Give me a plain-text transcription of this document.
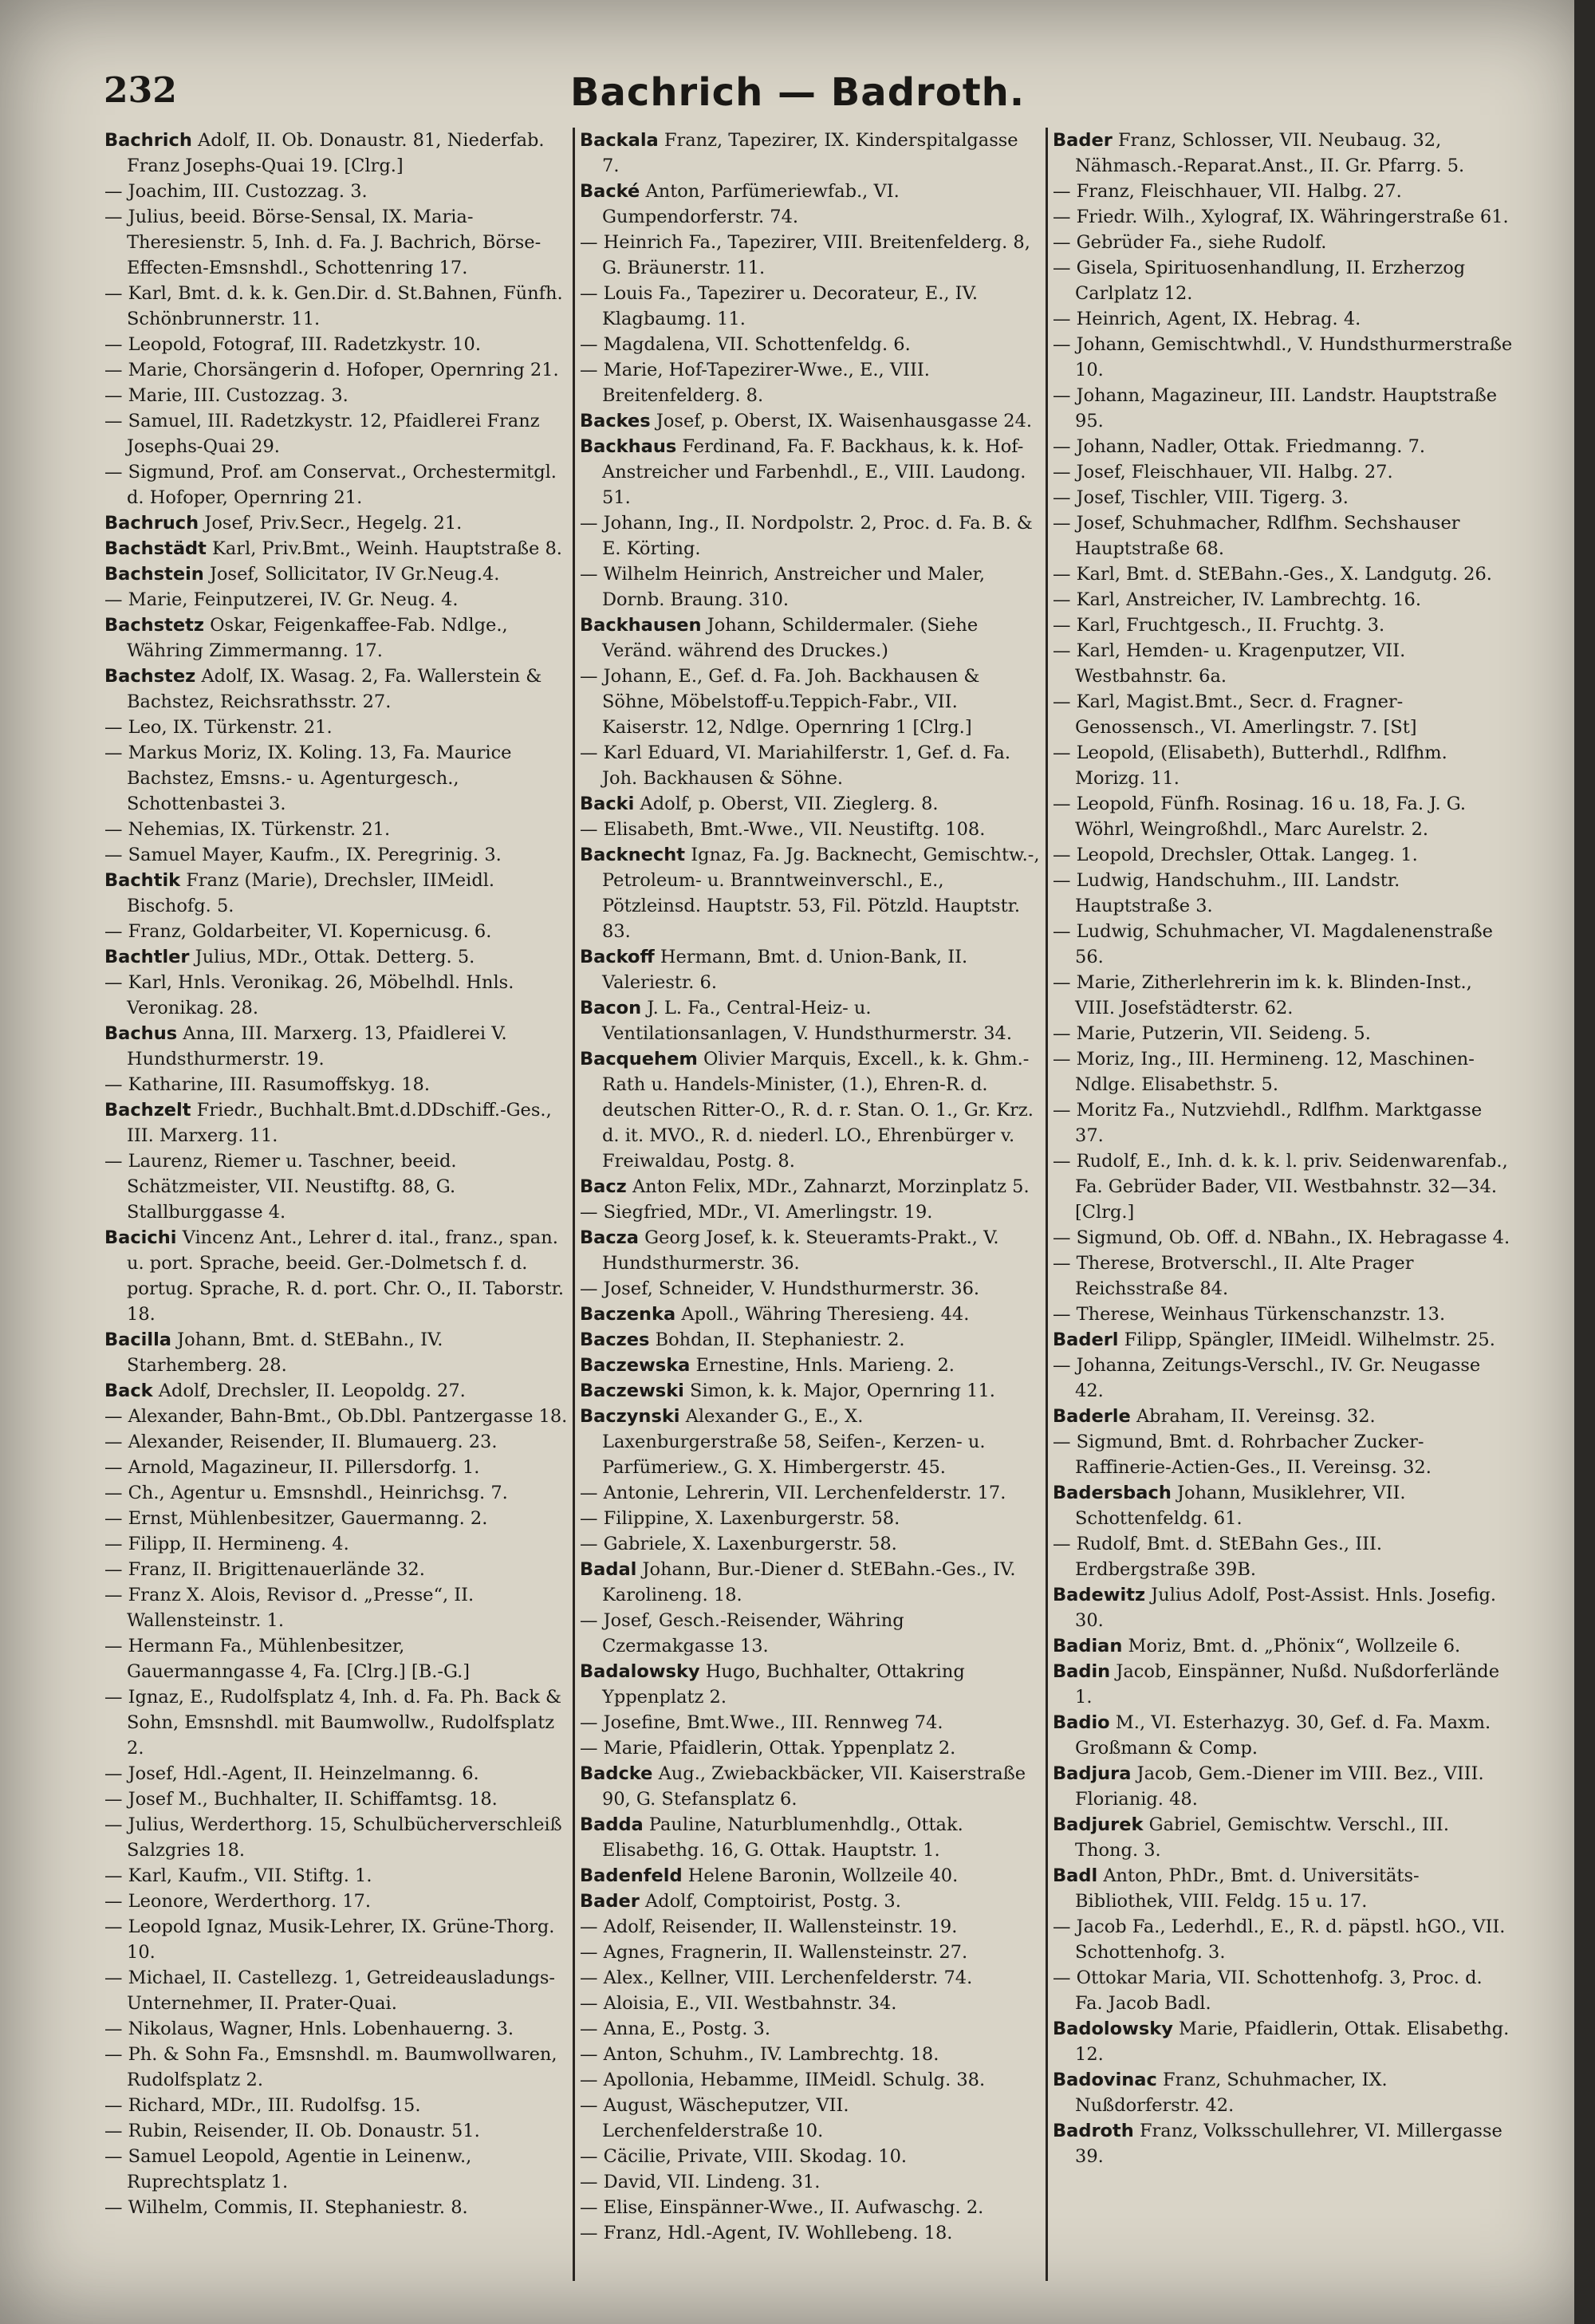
232	Bachrich — Badroth.

Bachrich Adolf, II. Ob. Donaustr. 81, Niederfab. Franz Josephs-Quai 19. [Clrg.]

— Joachim, III. Custozzag. 3.

— Julius, beeid. Börse-Sensal, IX. Maria-Theresienstr. 5, Inh. d. Fa. J. Bachrich, Börse-Effecten-Emsnshdl., Schottenring 17.

— Karl, Bmt. d. k. k. Gen.Dir. d. St.Bahnen, Fünfh. Schönbrunnerstr. 11.

— Leopold, Fotograf, III. Radetzkystr. 10.

— Marie, Chorsängerin d. Hofoper, Opernring 21.

— Marie, III. Custozzag. 3.

— Samuel, III. Radetzkystr. 12, Pfaidlerei Franz Josephs-Quai 29.

— Sigmund, Prof. am Conservat., Orchestermitgl. d. Hofoper, Opernring 21.

Bachruch Josef, Priv.Secr., Hegelg. 21.

Bachstädt Karl, Priv.Bmt., Weinh. Hauptstraße 8.

Bachstein Josef, Sollicitator, IV Gr.Neug.4.

— Marie, Feinputzerei, IV. Gr. Neug. 4.

Bachstetz Oskar, Feigenkaffee-Fab. Ndlge., Währing Zimmermanng. 17.

Bachstez Adolf, IX. Wasag. 2, Fa. Wallerstein & Bachstez, Reichsrathsstr. 27.

— Leo, IX. Türkenstr. 21.

— Markus Moriz, IX. Koling. 13, Fa. Maurice Bachstez, Emsns.- u. Agenturgesch., Schottenbastei 3.

— Nehemias, IX. Türkenstr. 21.

— Samuel Mayer, Kaufm., IX. Peregrinig. 3.

Bachtik Franz (Marie), Drechsler, IIMeidl. Bischofg. 5.

— Franz, Goldarbeiter, VI. Kopernicusg. 6.

Bachtler Julius, MDr., Ottak. Detterg. 5.

— Karl, Hnls. Veronikag. 26, Möbelhdl. Hnls. Veronikag. 28.

Bachus Anna, III. Marxerg. 13, Pfaidlerei V. Hundsthurmerstr. 19.

— Katharine, III. Rasumoffskyg. 18.

Bachzelt Friedr., Buchhalt.Bmt.d.DDschiff.-Ges., III. Marxerg. 11.

— Laurenz, Riemer u. Taschner, beeid. Schätzmeister, VII. Neustiftg. 88, G. Stallburggasse 4.

Bacichi Vincenz Ant., Lehrer d. ital., franz., span. u. port. Sprache, beeid. Ger.-Dolmetsch f. d. portug. Sprache, R. d. port. Chr. O., II. Taborstr. 18.

Bacilla Johann, Bmt. d. StEBahn., IV. Starhemberg. 28.

Back Adolf, Drechsler, II. Leopoldg. 27.

— Alexander, Bahn-Bmt., Ob.Dbl. Pantzergasse 18.

— Alexander, Reisender, II. Blumauerg. 23.

— Arnold, Magazineur, II. Pillersdorfg. 1.

— Ch., Agentur u. Emsnshdl., Heinrichsg. 7.

— Ernst, Mühlenbesitzer, Gauermanng. 2.

— Filipp, II. Hermineng. 4.

— Franz, II. Brigittenauerlände 32.

— Franz X. Alois, Revisor d. „Presse“, II. Wallensteinstr. 1.

— Hermann Fa., Mühlenbesitzer, Gauermanngasse 4, Fa. [Clrg.] [B.-G.]

— Ignaz, E., Rudolfsplatz 4, Inh. d. Fa. Ph. Back & Sohn, Emsnshdl. mit Baumwollw., Rudolfsplatz 2.

— Josef, Hdl.-Agent, II. Heinzelmanng. 6.

— Josef M., Buchhalter, II. Schiffamtsg. 18.

— Julius, Werderthorg. 15, Schulbücherverschleiß Salzgries 18.

— Karl, Kaufm., VII. Stiftg. 1.

— Leonore, Werderthorg. 17.

— Leopold Ignaz, Musik-Lehrer, IX. Grüne-Thorg. 10.

— Michael, II. Castellezg. 1, Getreideausladungs-Unternehmer, II. Prater-Quai.

— Nikolaus, Wagner, Hnls. Lobenhauerng. 3.

— Ph. & Sohn Fa., Emsnshdl. m. Baumwollwaren, Rudolfsplatz 2.

— Richard, MDr., III. Rudolfsg. 15.

— Rubin, Reisender, II. Ob. Donaustr. 51.

— Samuel Leopold, Agentie in Leinenw., Ruprechtsplatz 1.

— Wilhelm, Commis, II. Stephaniestr. 8.

Backala Franz, Tapezirer, IX. Kinderspitalgasse 7.

Backé Anton, Parfümeriewfab., VI. Gumpendorferstr. 74.

— Heinrich Fa., Tapezirer, VIII. Breitenfelderg. 8, G. Bräunerstr. 11.

— Louis Fa., Tapezirer u. Decorateur, E., IV. Klagbaumg. 11.

— Magdalena, VII. Schottenfeldg. 6.

— Marie, Hof-Tapezirer-Wwe., E., VIII. Breitenfelderg. 8.

Backes Josef, p. Oberst, IX. Waisenhausgasse 24.

Backhaus Ferdinand, Fa. F. Backhaus, k. k. Hof-Anstreicher und Farbenhdl., E., VIII. Laudong. 51.

— Johann, Ing., II. Nordpolstr. 2, Proc. d. Fa. B. & E. Körting.

— Wilhelm Heinrich, Anstreicher und Maler, Dornb. Braung. 310.

Backhausen Johann, Schildermaler. (Siehe Veränd. während des Druckes.)

— Johann, E., Gef. d. Fa. Joh. Backhausen & Söhne, Möbelstoff-u.Teppich-Fabr., VII. Kaiserstr. 12, Ndlge. Opernring 1 [Clrg.]

— Karl Eduard, VI. Mariahilferstr. 1, Gef. d. Fa. Joh. Backhausen & Söhne.

Backi Adolf, p. Oberst, VII. Zieglerg. 8.

— Elisabeth, Bmt.-Wwe., VII. Neustiftg. 108.

Backnecht Ignaz, Fa. Jg. Backnecht, Gemischtw.-, Petroleum- u. Branntweinverschl., E., Pötzleinsd. Hauptstr. 53, Fil. Pötzld. Hauptstr. 83.

Backoff Hermann, Bmt. d. Union-Bank, II. Valeriestr. 6.

Bacon J. L. Fa., Central-Heiz- u. Ventilationsanlagen, V. Hundsthurmerstr. 34.

Bacquehem Olivier Marquis, Excell., k. k. Ghm.-Rath u. Handels-Minister, (1.), Ehren-R. d. deutschen Ritter-O., R. d. r. Stan. O. 1., Gr. Krz. d. it. MVO., R. d. niederl. LO., Ehrenbürger v. Freiwaldau, Postg. 8.

Bacz Anton Felix, MDr., Zahnarzt, Morzinplatz 5.

— Siegfried, MDr., VI. Amerlingstr. 19.

Bacza Georg Josef, k. k. Steueramts-Prakt., V. Hundsthurmerstr. 36.

— Josef, Schneider, V. Hundsthurmerstr. 36.

Baczenka Apoll., Währing Theresieng. 44.

Baczes Bohdan, II. Stephaniestr. 2.

Baczewska Ernestine, Hnls. Marieng. 2.

Baczewski Simon, k. k. Major, Opernring 11.

Baczynski Alexander G., E., X. Laxenburgerstraße 58, Seifen-, Kerzen- u. Parfümeriew., G. X. Himbergerstr. 45.

— Antonie, Lehrerin, VII. Lerchenfelderstr. 17.

— Filippine, X. Laxenburgerstr. 58.

— Gabriele, X. Laxenburgerstr. 58.

Badal Johann, Bur.-Diener d. StEBahn.-Ges., IV. Karolineng. 18.

— Josef, Gesch.-Reisender, Währing Czermakgasse 13.

Badalowsky Hugo, Buchhalter, Ottakring Yppenplatz 2.

— Josefine, Bmt.Wwe., III. Rennweg 74.

— Marie, Pfaidlerin, Ottak. Yppenplatz 2.

Badcke Aug., Zwiebackbäcker, VII. Kaiserstraße 90, G. Stefansplatz 6.

Badda Pauline, Naturblumenhdlg., Ottak. Elisabethg. 16, G. Ottak. Hauptstr. 1.

Badenfeld Helene Baronin, Wollzeile 40.

Bader Adolf, Comptoirist, Postg. 3.

— Adolf, Reisender, II. Wallensteinstr. 19.

— Agnes, Fragnerin, II. Wallensteinstr. 27.

— Alex., Kellner, VIII. Lerchenfelderstr. 74.

— Aloisia, E., VII. Westbahnstr. 34.

— Anna, E., Postg. 3.

— Anton, Schuhm., IV. Lambrechtg. 18.

— Apollonia, Hebamme, IIMeidl. Schulg. 38.

— August, Wäscheputzer, VII. Lerchenfelderstraße 10.

— Cäcilie, Private, VIII. Skodag. 10.

— David, VII. Lindeng. 31.

— Elise, Einspänner-Wwe., II. Aufwaschg. 2.

— Franz, Hdl.-Agent, IV. Wohllebeng. 18.

Bader Franz, Schlosser, VII. Neubaug. 32, Nähmasch.-Reparat.Anst., II. Gr. Pfarrg. 5.

— Franz, Fleischhauer, VII. Halbg. 27.

— Friedr. Wilh., Xylograf, IX. Währingerstraße 61.

— Gebrüder Fa., siehe Rudolf.

— Gisela, Spirituosenhandlung, II. Erzherzog Carlplatz 12.

— Heinrich, Agent, IX. Hebrag. 4.

— Johann, Gemischtwhdl., V. Hundsthurmerstraße 10.

— Johann, Magazineur, III. Landstr. Hauptstraße 95.

— Johann, Nadler, Ottak. Friedmanng. 7.

— Josef, Fleischhauer, VII. Halbg. 27.

— Josef, Tischler, VIII. Tigerg. 3.

— Josef, Schuhmacher, Rdlfhm. Sechshauser Hauptstraße 68.

— Karl, Bmt. d. StEBahn.-Ges., X. Landgutg. 26.

— Karl, Anstreicher, IV. Lambrechtg. 16.

— Karl, Fruchtgesch., II. Fruchtg. 3.

— Karl, Hemden- u. Kragenputzer, VII. Westbahnstr. 6a.

— Karl, Magist.Bmt., Secr. d. Fragner-Genossensch., VI. Amerlingstr. 7. [St]

— Leopold, (Elisabeth), Butterhdl., Rdlfhm. Morizg. 11.

— Leopold, Fünfh. Rosinag. 16 u. 18, Fa. J. G. Wöhrl, Weingroßhdl., Marc Aurelstr. 2.

— Leopold, Drechsler, Ottak. Langeg. 1.

— Ludwig, Handschuhm., III. Landstr. Hauptstraße 3.

— Ludwig, Schuhmacher, VI. Magdalenenstraße 56.

— Marie, Zitherlehrerin im k. k. Blinden-Inst., VIII. Josefstädterstr. 62.

— Marie, Putzerin, VII. Seideng. 5.

— Moriz, Ing., III. Hermineng. 12, Maschinen-Ndlge. Elisabethstr. 5.

— Moritz Fa., Nutzviehdl., Rdlfhm. Marktgasse 37.

— Rudolf, E., Inh. d. k. k. l. priv. Seidenwarenfab., Fa. Gebrüder Bader, VII. Westbahnstr. 32—34. [Clrg.]

— Sigmund, Ob. Off. d. NBahn., IX. Hebragasse 4.

— Therese, Brotverschl., II. Alte Prager Reichsstraße 84.

— Therese, Weinhaus Türkenschanzstr. 13.

Baderl Filipp, Spängler, IIMeidl. Wilhelmstr. 25.

— Johanna, Zeitungs-Verschl., IV. Gr. Neugasse 42.

Baderle Abraham, II. Vereinsg. 32.

— Sigmund, Bmt. d. Rohrbacher Zucker-Raffinerie-Actien-Ges., II. Vereinsg. 32.

Badersbach Johann, Musiklehrer, VII. Schottenfeldg. 61.

— Rudolf, Bmt. d. StEBahn Ges., III. Erdbergstraße 39B.

Badewitz Julius Adolf, Post-Assist. Hnls. Josefig. 30.

Badian Moriz, Bmt. d. „Phönix“, Wollzeile 6.

Badin Jacob, Einspänner, Nußd. Nußdorferlände 1.

Badio M., VI. Esterhazyg. 30, Gef. d. Fa. Maxm. Großmann & Comp.

Badjura Jacob, Gem.-Diener im VIII. Bez., VIII. Florianig. 48.

Badjurek Gabriel, Gemischtw. Verschl., III. Thong. 3.

Badl Anton, PhDr., Bmt. d. Universitäts-Bibliothek, VIII. Feldg. 15 u. 17.

— Jacob Fa., Lederhdl., E., R. d. päpstl. hGO., VII. Schottenhofg. 3.

— Ottokar Maria, VII. Schottenhofg. 3, Proc. d. Fa. Jacob Badl.

Badolowsky Marie, Pfaidlerin, Ottak. Elisabethg. 12.

Badovinac Franz, Schuhmacher, IX. Nußdorferstr. 42.

Badroth Franz, Volksschullehrer, VI. Millergasse 39.
